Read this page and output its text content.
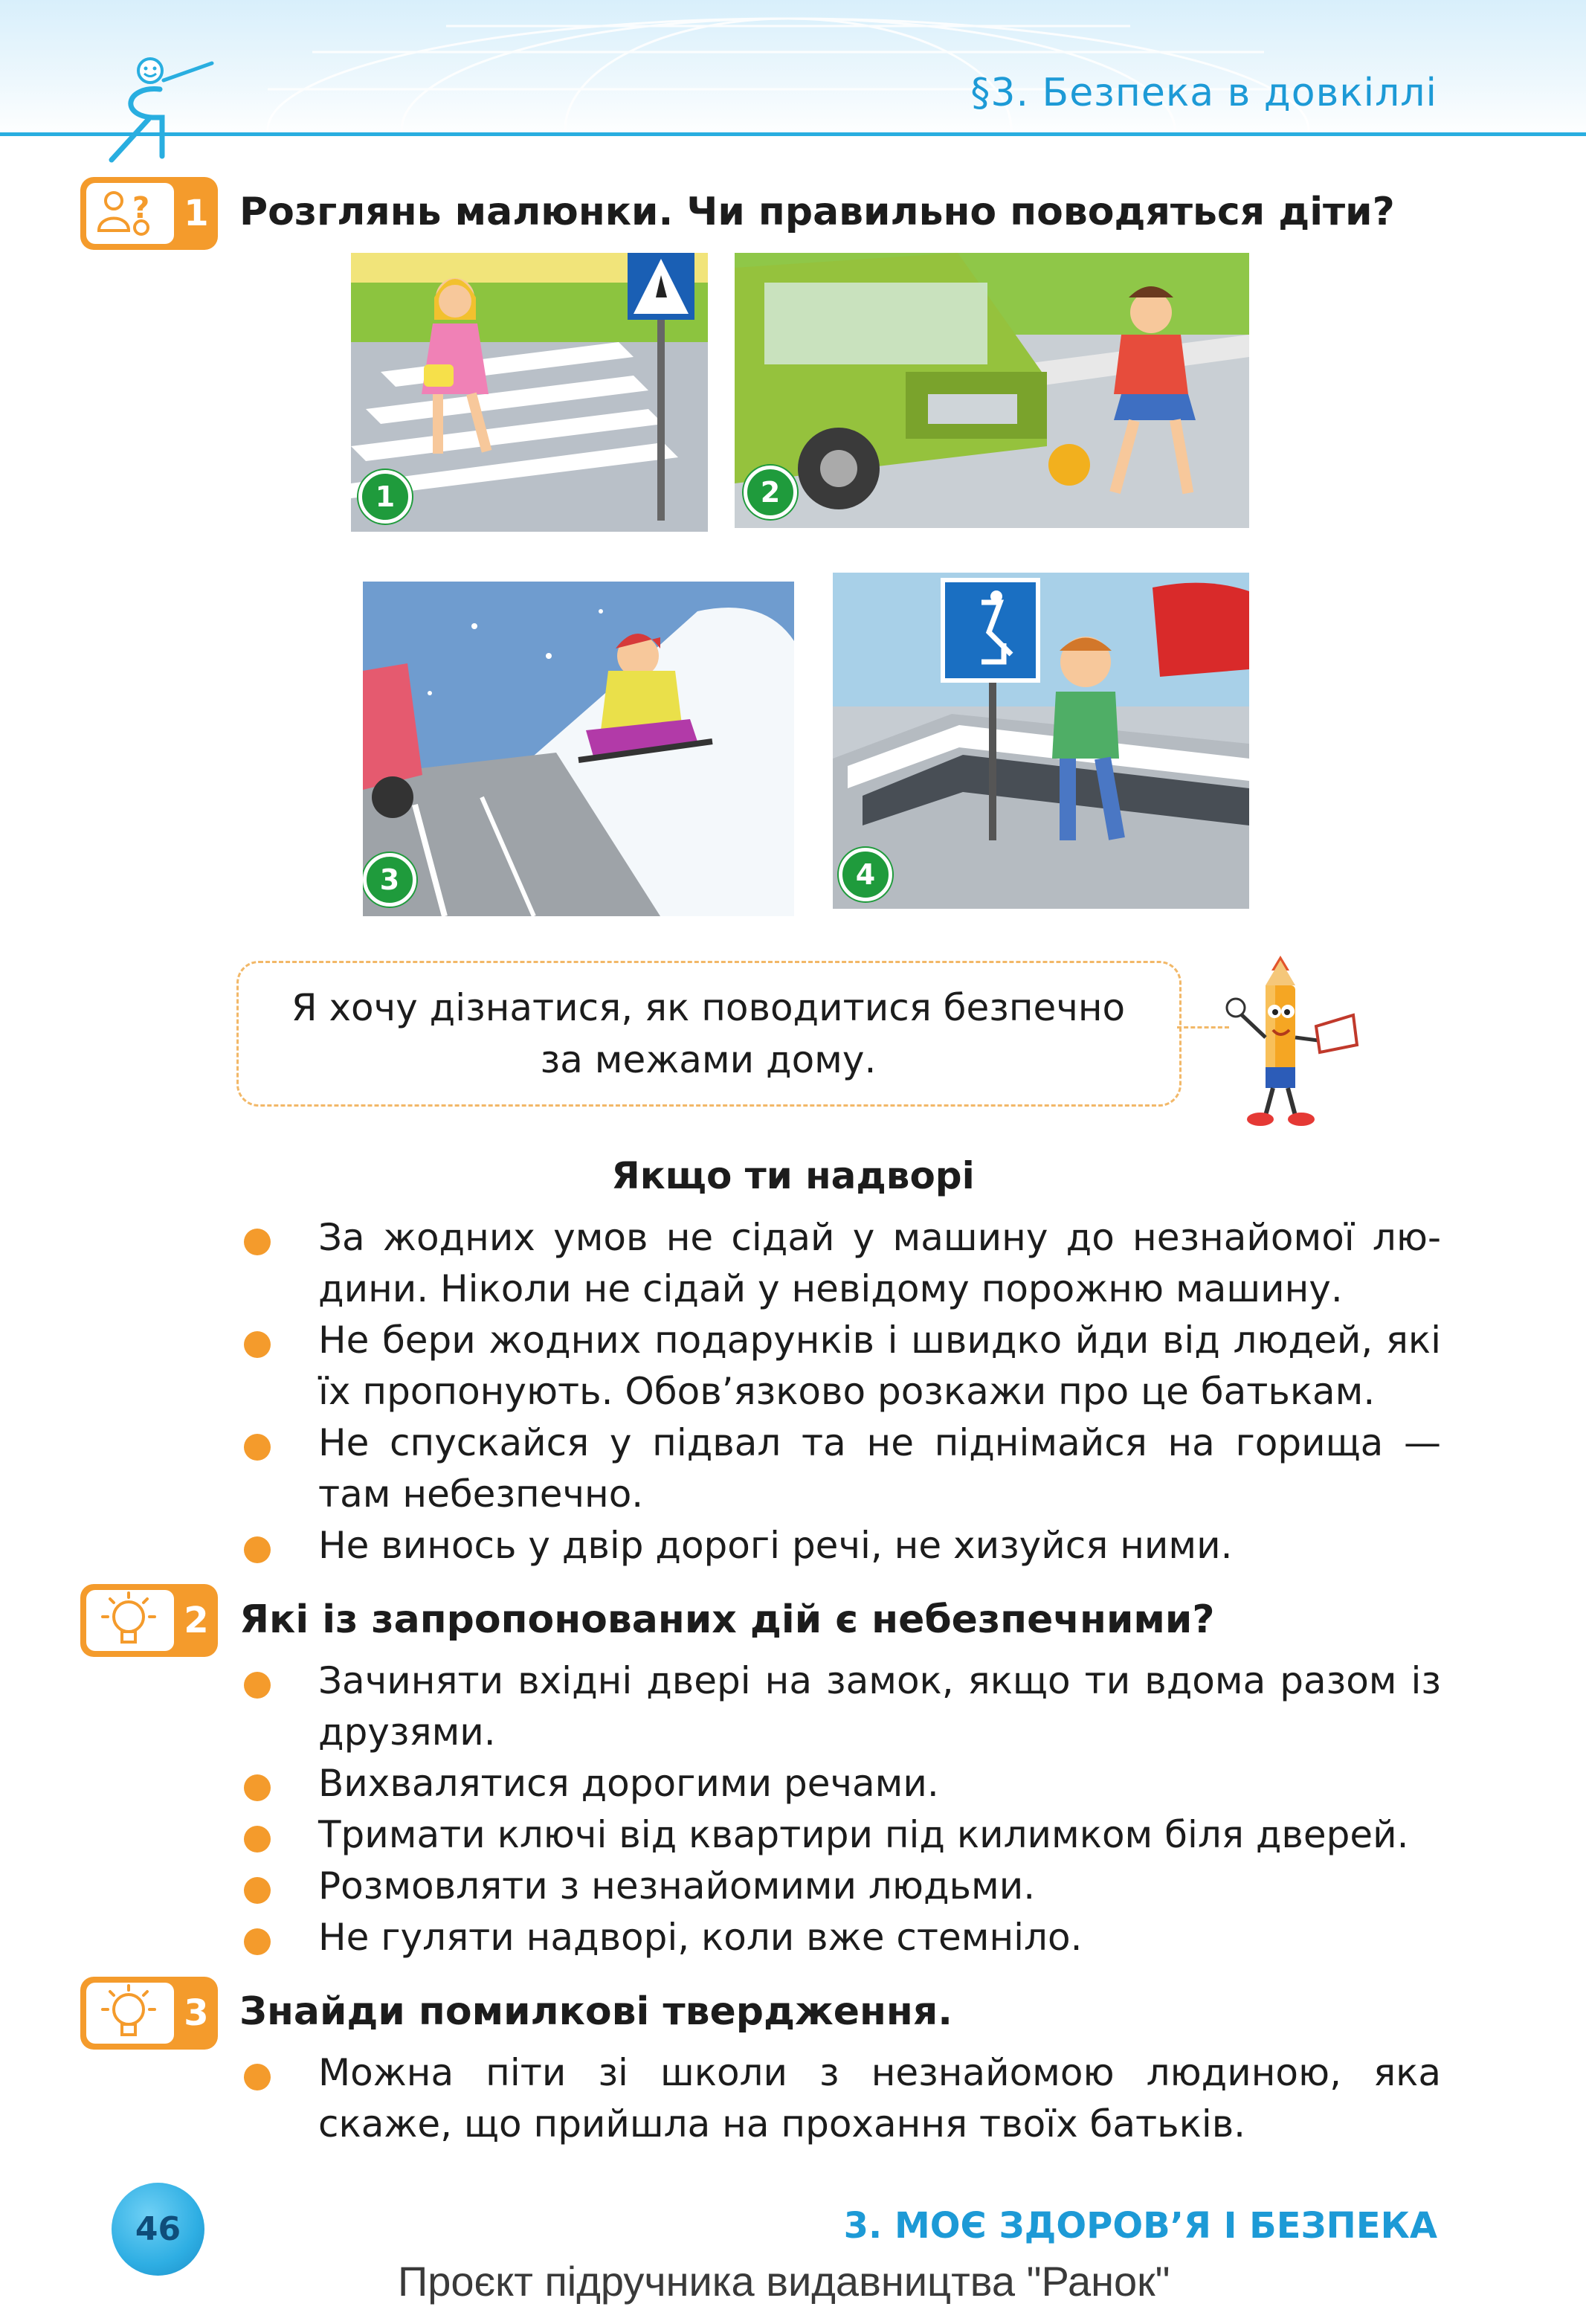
§3. Безпека в довкіллі
? 1 Розглянь малюнки. Чи правильно поводяться діти?
1	2
3	4
Я хочу дізнатися, як поводитися безпечно
за межами дому.
Якщо ти надворі
За жодних умов не сідай у машину до незнайомої лю-дини. Ніколи не сідай у невідому порожню машину.
Не бери жодних подарунків і швидко йди від людей, які їх пропонують. Обов’язково розкажи про це батькам.
Не спускайся у підвал та не піднімайся на горища — там небезпечно.
Не винось у двір дорогі речі, не хизуйся ними.
2 Які із запропонованих дій є небезпечними?
Зачиняти вхідні двері на замок, якщо ти вдома разом із друзями.
Вихвалятися дорогими речами.
Тримати ключі від квартири під килимком біля дверей.
Розмовляти з незнайомими людьми.
Не гуляти надворі, коли вже стемніло.
3 Знайди помилкові твердження.
Можна піти зі школи з незнайомою людиною, яка скаже, що прийшла на прохання твоїх батьків.
46	3. МОЄ ЗДОРОВ’Я І БЕЗПЕКА
Проєкт підручника видавництва "Ранок"
